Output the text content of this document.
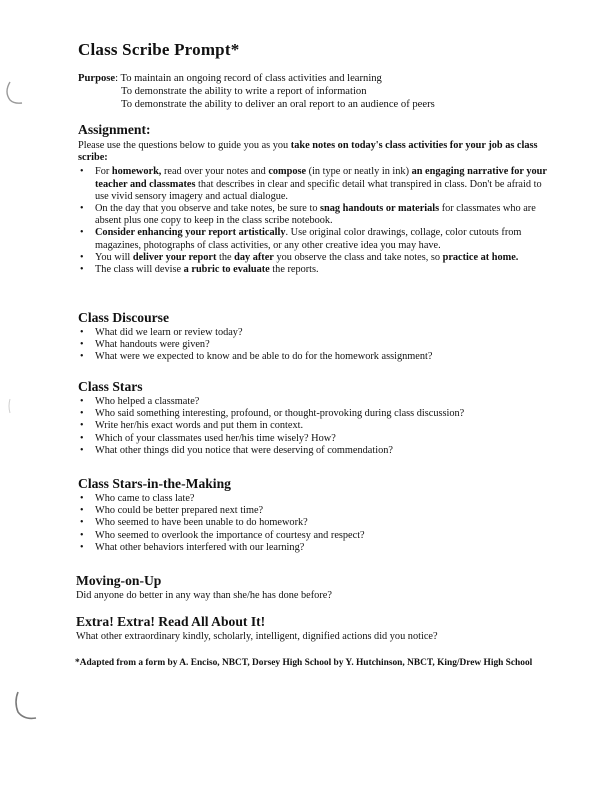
Class Scribe Prompt*
Purpose: To maintain an ongoing record of class activities and learning
To demonstrate the ability to write a report of information
To demonstrate the ability to deliver an oral report to an audience of peers
Assignment:
Please use the questions below to guide you as you take notes on today's class activities for your job as class scribe:
• For homework, read over your notes and compose (in type or neatly in ink) an engaging narrative for your teacher and classmates that describes in clear and specific detail what transpired in class. Don't be afraid to use vivid sensory imagery and actual dialogue.
• On the day that you observe and take notes, be sure to snag handouts or materials for classmates who are absent plus one copy to keep in the class scribe notebook.
• Consider enhancing your report artistically. Use original color drawings, collage, color cutouts from magazines, photographs of class activities, or any other creative idea you may have.
• You will deliver your report the day after you observe the class and take notes, so practice at home.
• The class will devise a rubric to evaluate the reports.
Class Discourse
• What did we learn or review today?
• What handouts were given?
• What were we expected to know and be able to do for the homework assignment?
Class Stars
• Who helped a classmate?
• Who said something interesting, profound, or thought-provoking during class discussion?
• Write her/his exact words and put them in context.
• Which of your classmates used her/his time wisely? How?
• What other things did you notice that were deserving of commendation?
Class Stars-in-the-Making
• Who came to class late?
• Who could be better prepared next time?
• Who seemed to have been unable to do homework?
• Who seemed to overlook the importance of courtesy and respect?
• What other behaviors interfered with our learning?
Moving-on-Up
Did anyone do better in any way than she/he has done before?
Extra! Extra! Read All About It!
What other extraordinary kindly, scholarly, intelligent, dignified actions did you notice?
*Adapted from a form by A. Enciso, NBCT, Dorsey High School by Y. Hutchinson, NBCT, King/Drew High School
